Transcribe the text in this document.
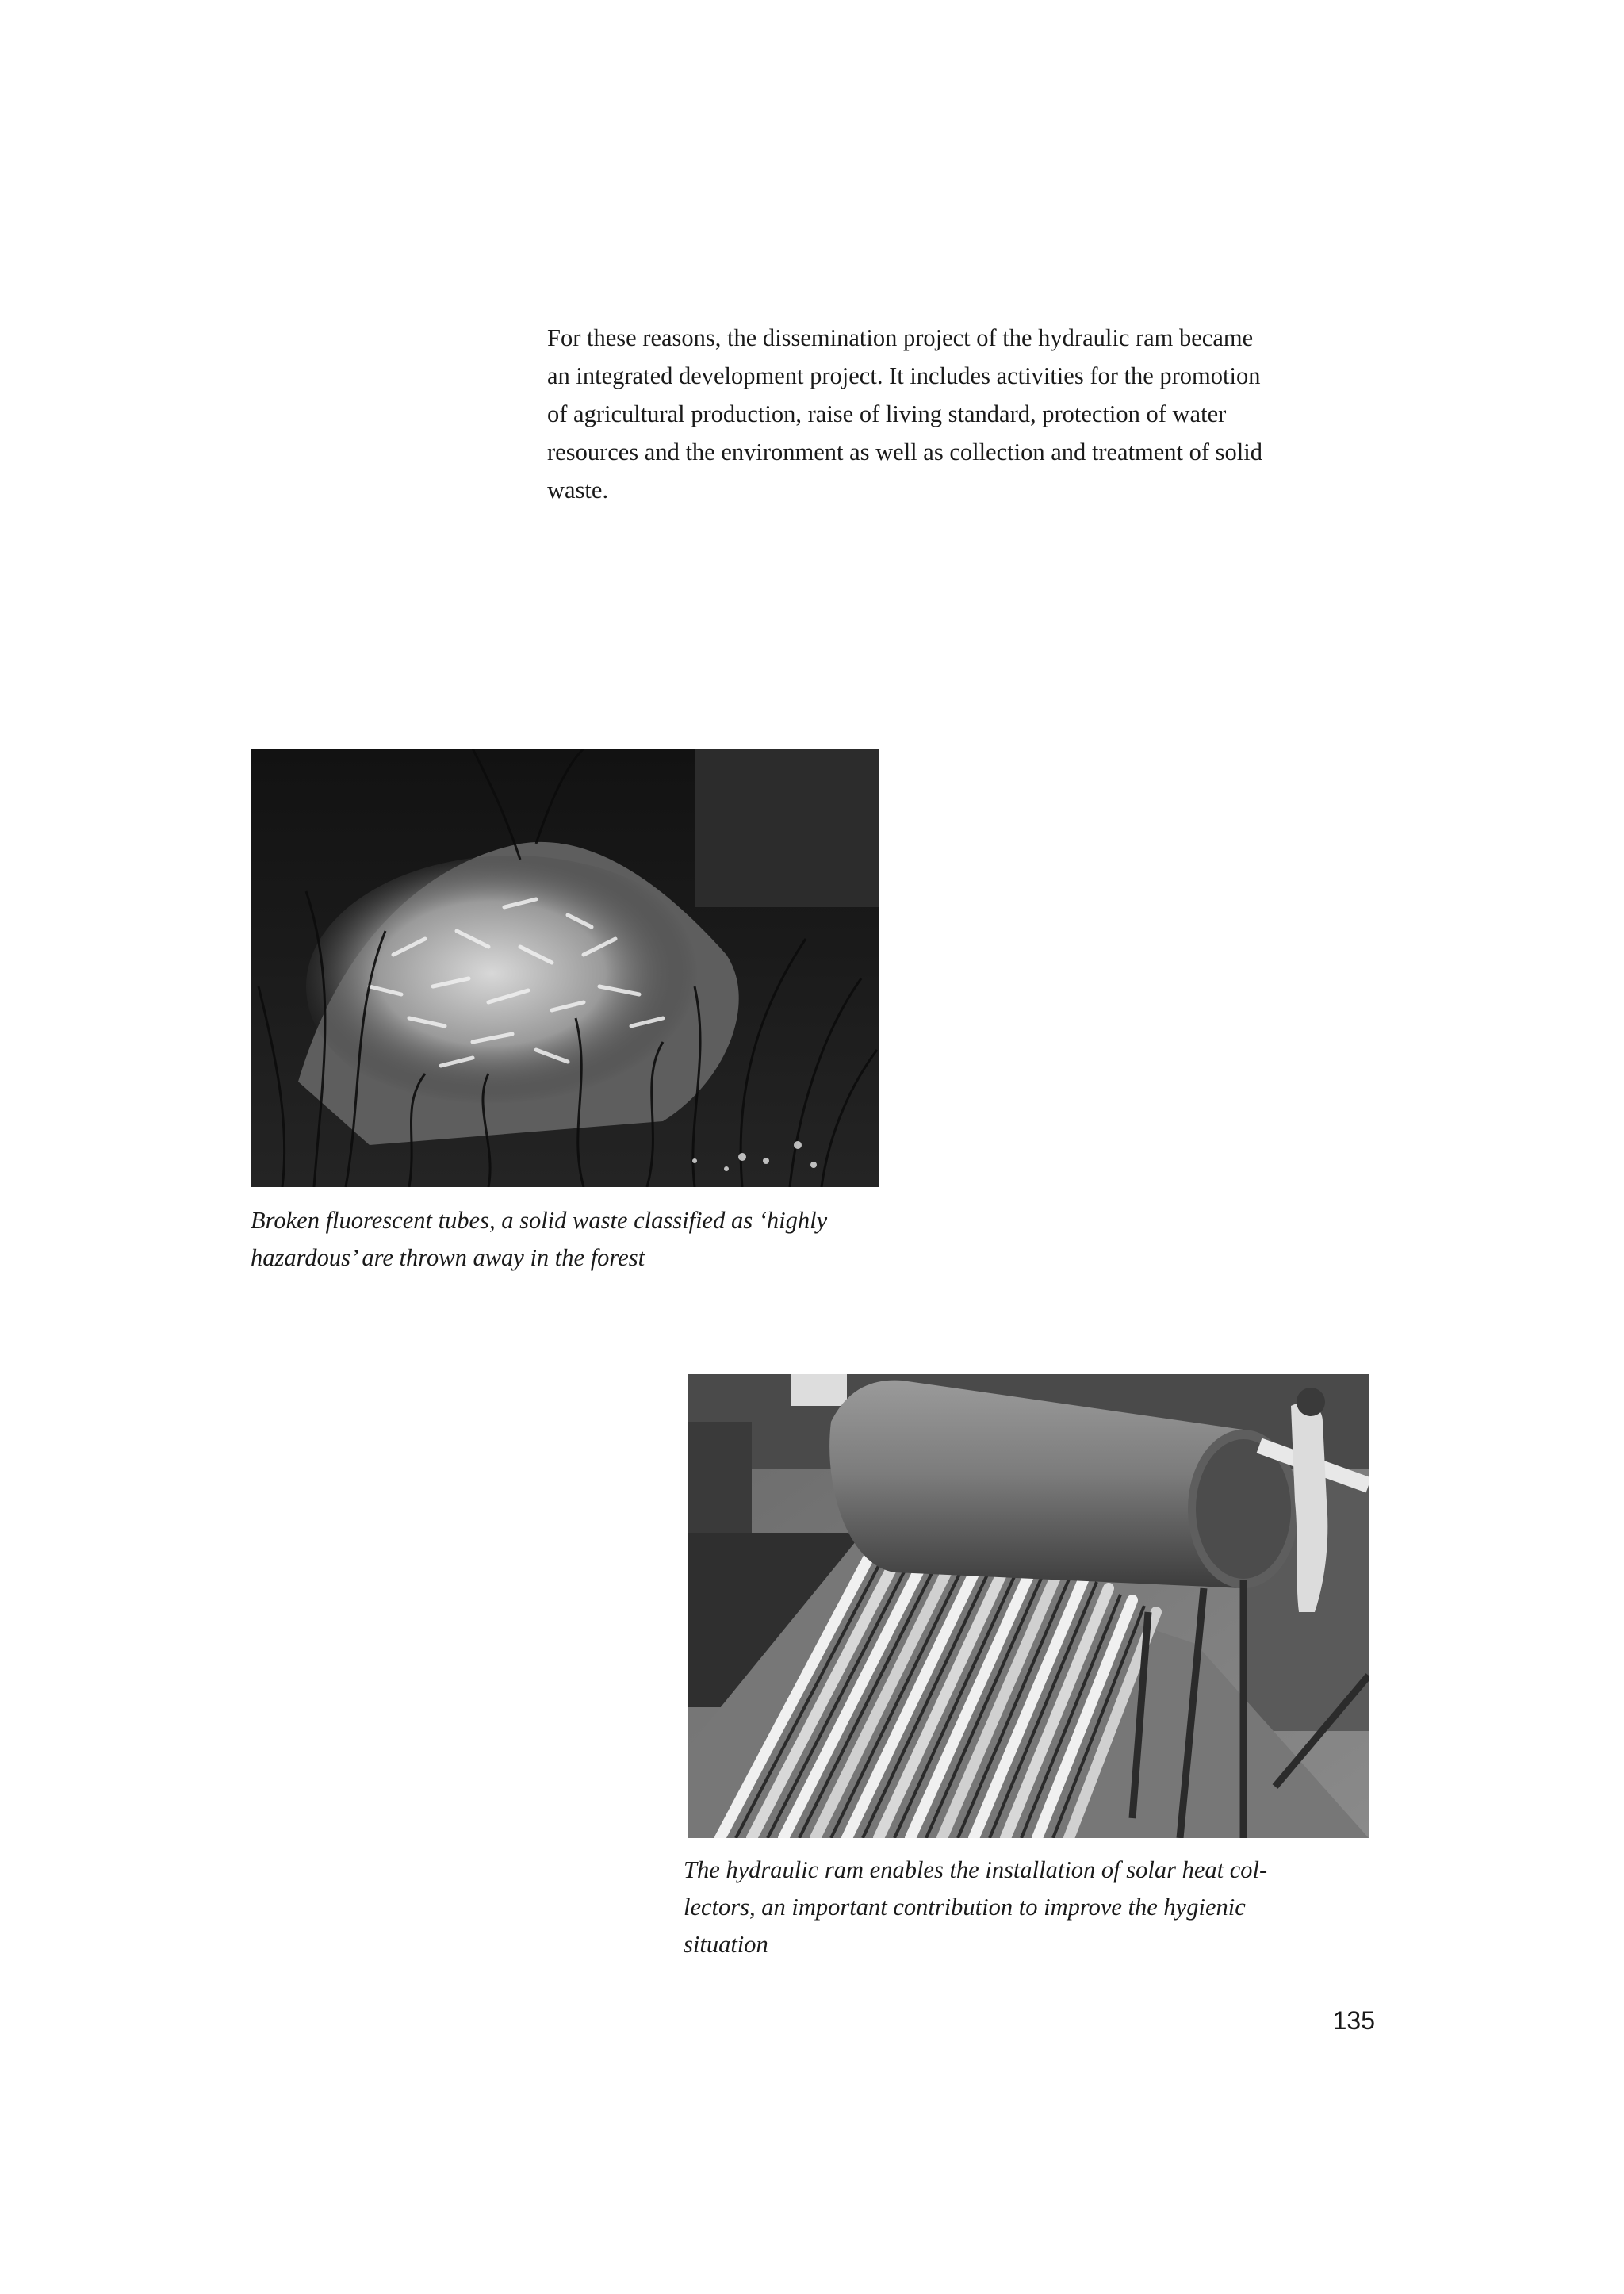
For these reasons, the dissemination project of the hydraulic ram became
an integrated development project. It includes activities for the promotion
of agricultural production, raise of living standard, protection of water
resources and the environment as well as collection and treatment of solid
waste.

Broken fluorescent tubes, a solid waste classified as ‘highly
hazardous’ are thrown away in the forest

The hydraulic ram enables the installation of solar heat col-
lectors, an important contribution to improve the hygienic
situation

135
